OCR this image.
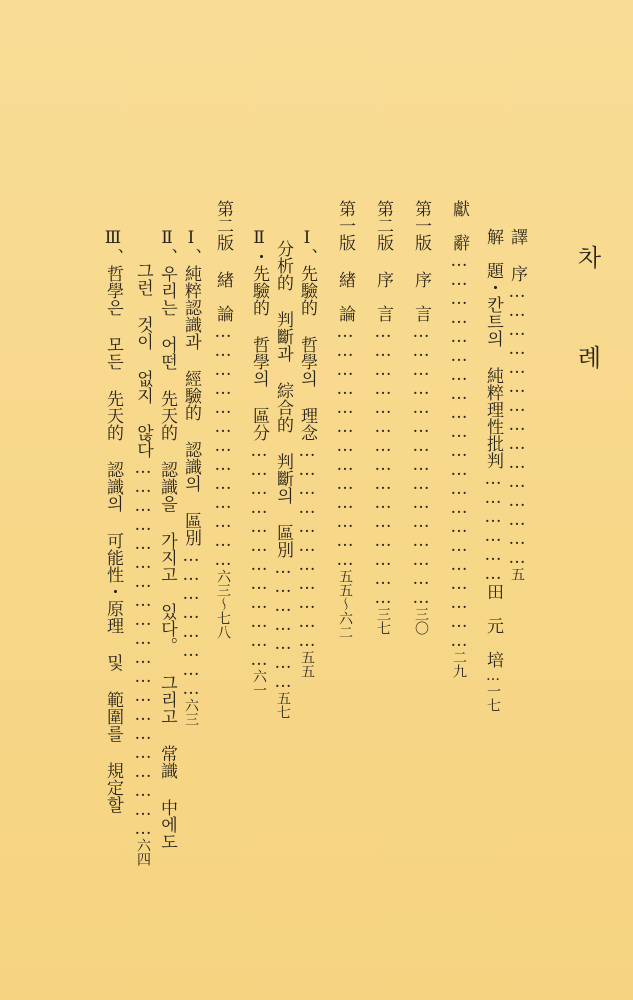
차 례
譯 序………………………………………五
解　題・칸트의 純粹理性批判………………田　元　培…一七
獻　辭………………………………………………………二九
第一版 序　言………………………………………三〇
第二版 序　言………………………………………三七
第一版 緖　論…………………………………五五～六二
Ⅰ、先驗的 哲學의 理念……………………………五五
分析的 判斷과 綜合的 判斷의 區別…………………五七
Ⅱ・先驗的 哲學의 區分………………………………六一
第二版 緖　論…………………………………六三～七八
Ⅰ、純粹認識과 經驗的 認識의 區別……………………六三
Ⅱ、우리는 어떤 先天的 認識을 가지고 있다。 그리고 常識 中에도
그런 것이 없지 않다……………………………………………………六四
Ⅲ、哲學은 모든 先天的 認識의 可能性・原理 및 範圍를 規定할
